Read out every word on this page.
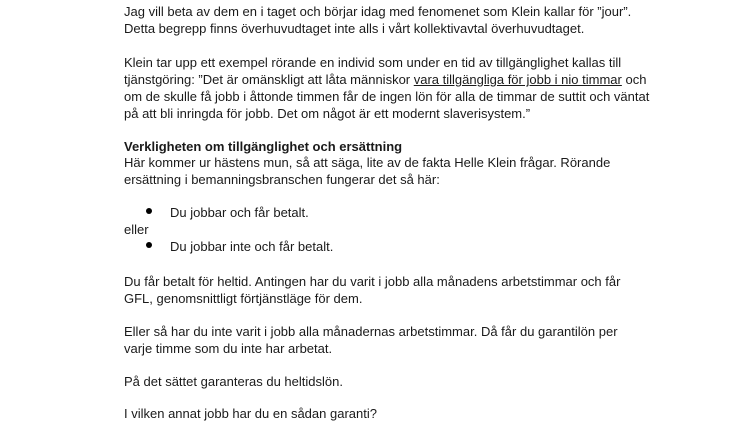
Jag vill beta av dem en i taget och börjar idag med fenomenet som Klein kallar för ”jour”.
Detta begrepp finns överhuvudtaget inte alls i vårt kollektivavtal överhuvudtaget.
Klein tar upp ett exempel rörande en individ som under en tid av tillgänglighet kallas till
tjänstgöring: ”Det är omänskligt att låta människor vara tillgängliga för jobb i nio timmar och
om de skulle få jobb i åttonde timmen får de ingen lön för alla de timmar de suttit och väntat
på att bli inringda för jobb. Det om något är ett modernt slaverisystem.”
Verkligheten om tillgänglighet och ersättning
Här kommer ur hästens mun, så att säga, lite av de fakta Helle Klein frågar. Rörande
ersättning i bemanningsbranschen fungerar det så här:
Du jobbar och får betalt.
eller
Du jobbar inte och får betalt.
Du får betalt för heltid. Antingen har du varit i jobb alla månadens arbetstimmar och får
GFL, genomsnittligt förtjänstläge för dem.
Eller så har du inte varit i jobb alla månadernas arbetstimmar. Då får du garantilön per
varje timme som du inte har arbetat.
På det sättet garanteras du heltidslön.
I vilken annat jobb har du en sådan garanti?
